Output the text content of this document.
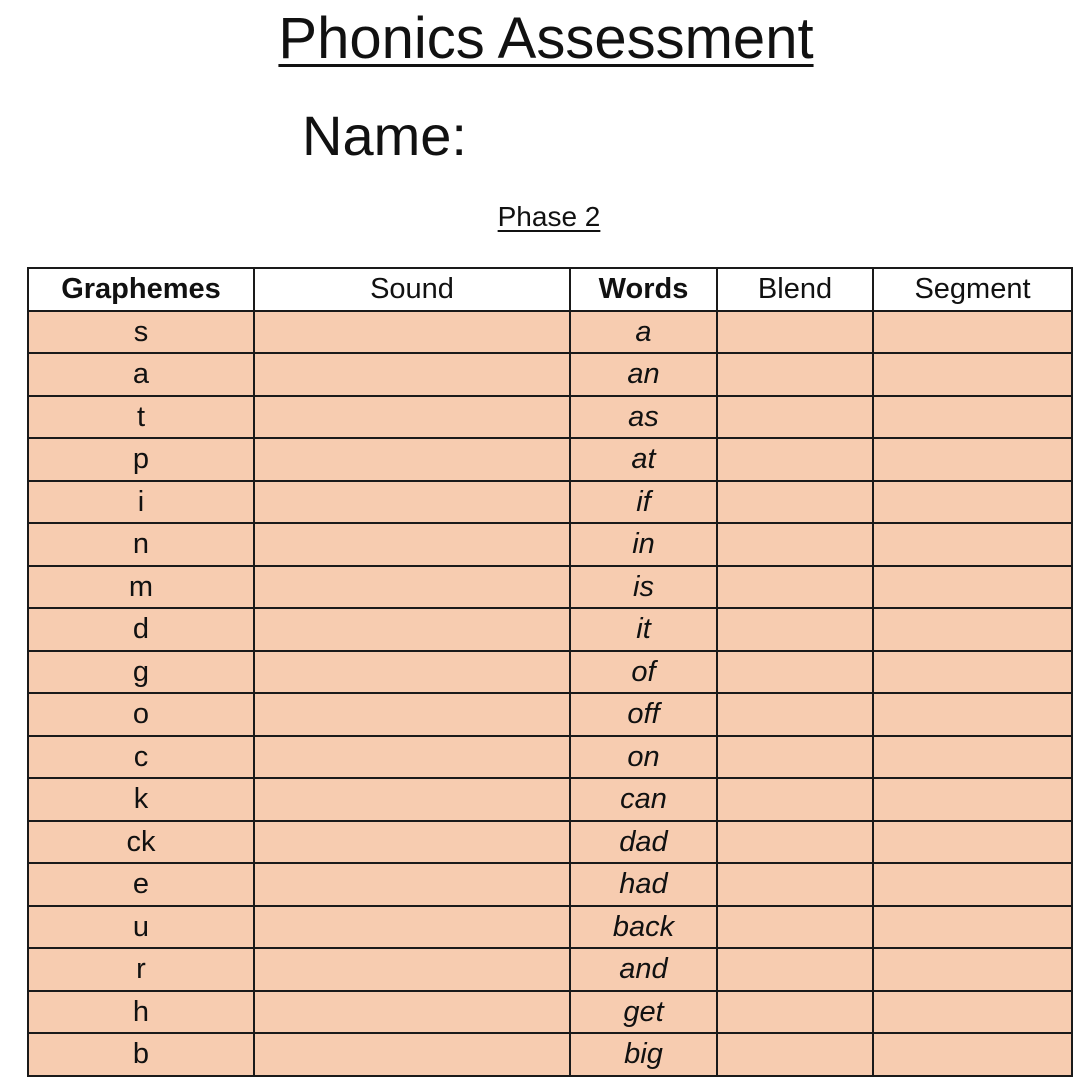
Phonics Assessment
Name:
Phase 2
Graphemes	Sound	Words	Blend	Segment
s		a		
a		an		
t		as		
p		at		
i		if		
n		in		
m		is		
d		it		
g		of		
o		off		
c		on		
k		can		
ck		dad		
e		had		
u		back		
r		and		
h		get		
b		big		
